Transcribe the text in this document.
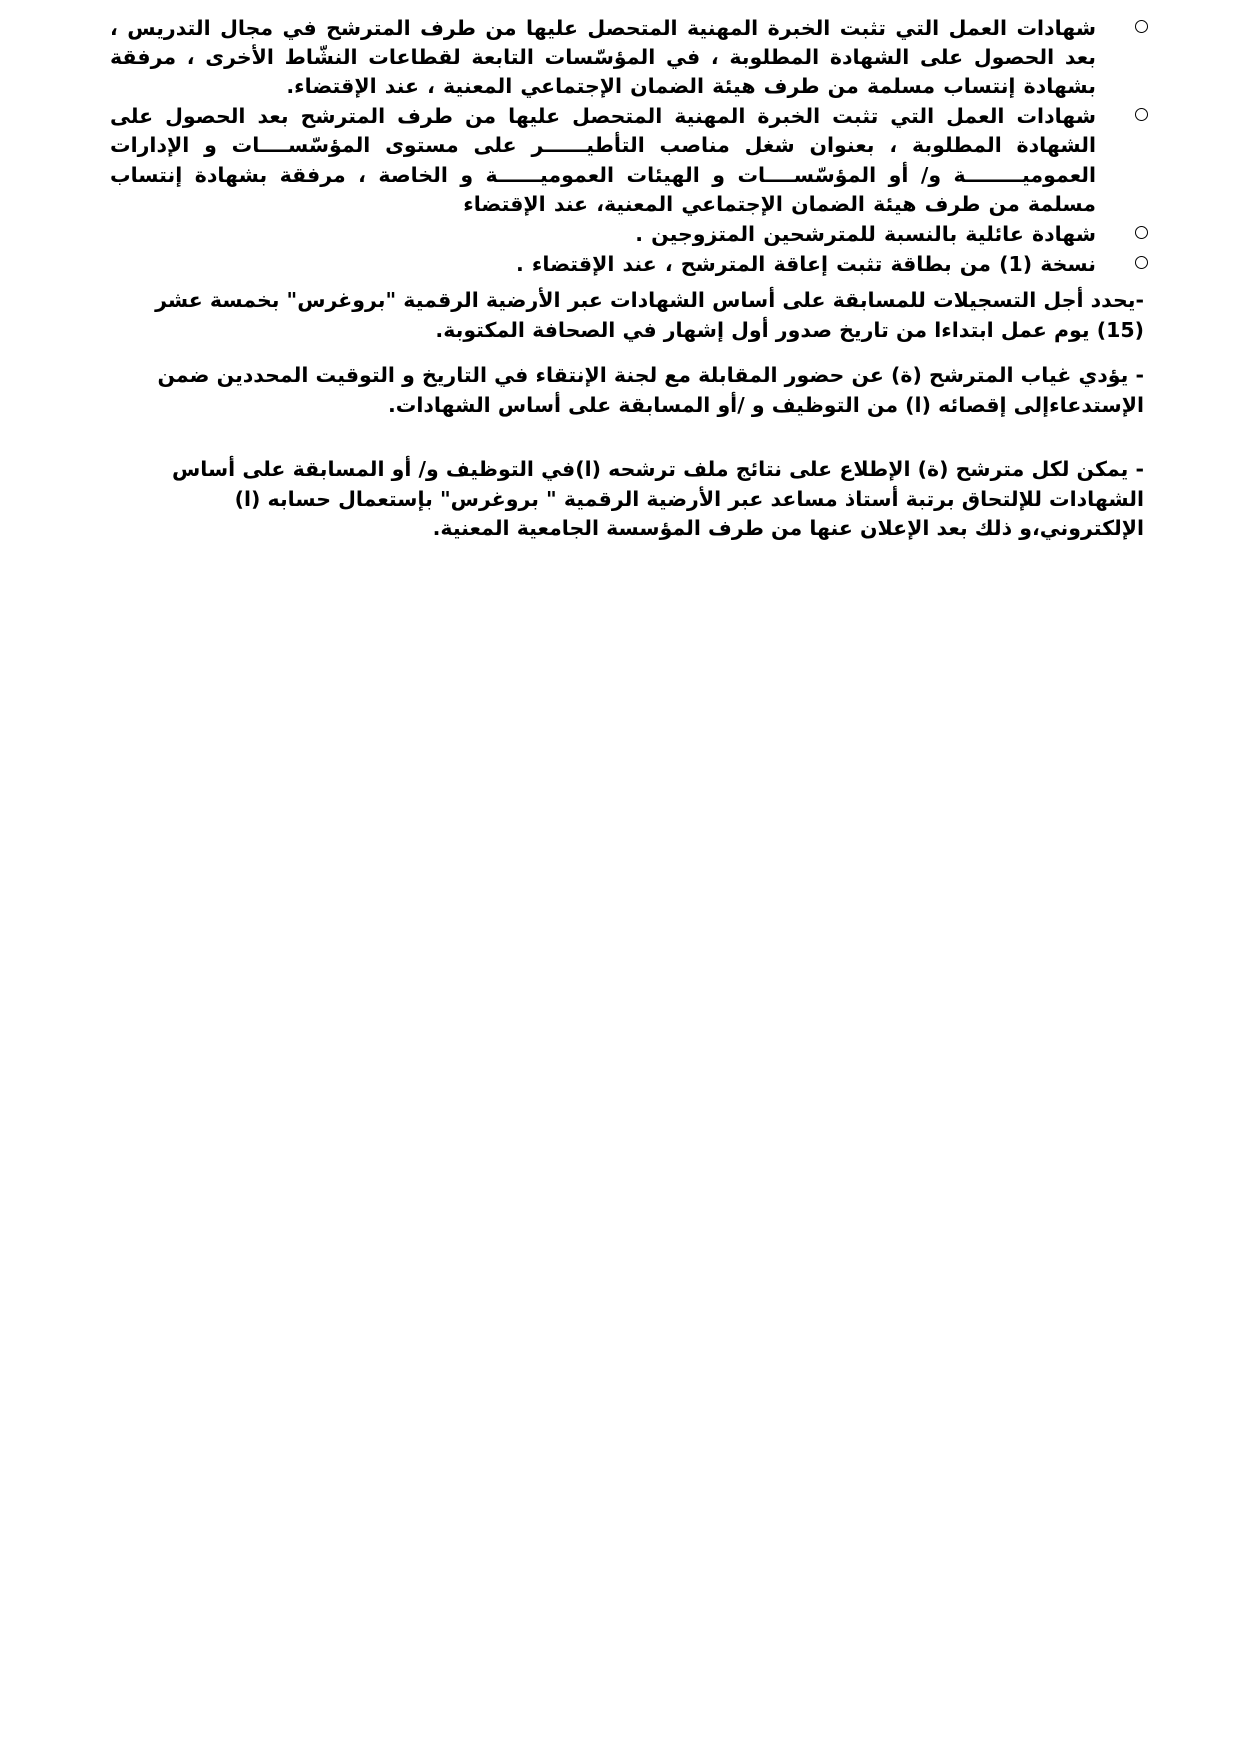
شهادات العمل التي تثبت الخبرة المهنية المتحصل عليها من طرف المترشح في مجال التدريس ، بعد الحصول على الشهادة المطلوبة ، في المؤسّسات التابعة لقطاعات النشّاط الأخرى ، مرفقة بشهادة إنتساب مسلمة من طرف هيئة الضمان الإجتماعي المعنية ، عند الإقتضاء.
شهادات العمل التي تثبت الخبرة المهنية المتحصل عليها من طرف المترشح بعد الحصول على الشهادة المطلوبة ، بعنوان شغل مناصب التأطيــــــر على مستوى المؤسّســــات و الإدارات العموميــــــــة و/ أو المؤسّســــات و الهيئات العموميــــــة و الخاصة ، مرفقة بشهادة إنتساب مسلمة من طرف هيئة الضمان الإجتماعي المعنية، عند الإقتضاء
شهادة عائلية بالنسبة للمترشحين المتزوجين .
نسخة (1) من بطاقة تثبت إعاقة المترشح ، عند الإقتضاء .

-يحدد أجل التسجيلات للمسابقة على أساس الشهادات عبر الأرضية الرقمية "بروغرس" بخمسة عشر

(15) يوم عمل ابتداءا من تاريخ صدور أول إشهار في الصحافة المكتوبة.

- يؤدي غياب المترشح (ة) عن حضور المقابلة مع لجنة الإنتقاء في التاريخ و التوقيت المحددين ضمن

الإستدعاءإلى إقصائه (ا) من التوظيف و /أو المسابقة على أساس الشهادات.

- يمكن لكل مترشح (ة) الإطلاع على نتائج ملف ترشحه (ا)في التوظيف و/ أو المسابقة على أساس

الشهادات للإلتحاق برتبة أستاذ مساعد عبر الأرضية الرقمية " بروغرس" بإستعمال حسابه (ا)

الإلكتروني،و ذلك بعد الإعلان عنها من طرف المؤسسة الجامعية المعنية.
